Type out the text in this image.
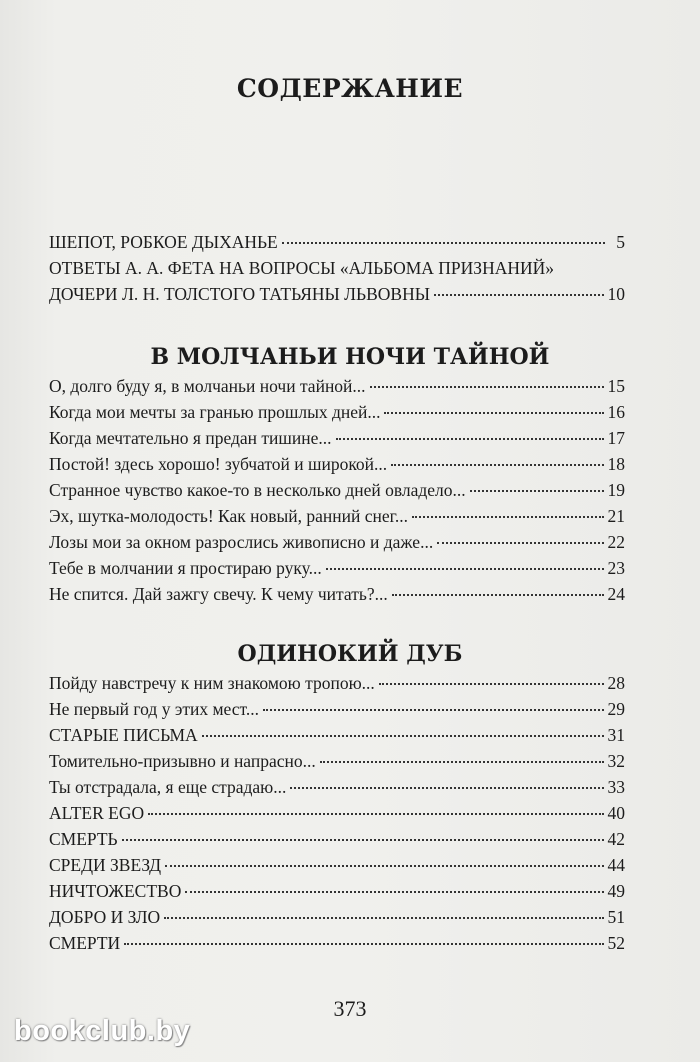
СОДЕРЖАНИЕ
ШЕПОТ, РОБКОЕ ДЫХАНЬЕ	5
ОТВЕТЫ А. А. ФЕТА НА ВОПРОСЫ «АЛЬБОМА ПРИЗНАНИЙ»
ДОЧЕРИ Л. Н. ТОЛСТОГО ТАТЬЯНЫ ЛЬВОВНЫ	10
О, долго буду я, в молчаньи ночи тайной...	15
Когда мои мечты за гранью прошлых дней...	16
Когда мечтательно я предан тишине...	17
Постой! здесь хорошо! зубчатой и широкой...	18
Странное чувство какое-то в несколько дней овладело...	19
Эх, шутка-молодость! Как новый, ранний снег...	21
Лозы мои за окном разрослись живописно и даже...	22
Тебе в молчании я простираю руку...	23
Не спится. Дай зажгу свечу. К чему читать?...	24
Пойду навстречу к ним знакомою тропою...	28
Не первый год у этих мест...	29
СТАРЫЕ ПИСЬМА	31
Томительно-призывно и напрасно...	32
Ты отстрадала, я еще страдаю...	33
ALTER EGO	40
СМЕРТЬ	42
СРЕДИ ЗВЕЗД	44
НИЧТОЖЕСТВО	49
ДОБРО И ЗЛО	51
СМЕРТИ	52
В МОЛЧАНЬИ НОЧИ ТАЙНОЙ
ОДИНОКИЙ ДУБ
373
bookclub.by
